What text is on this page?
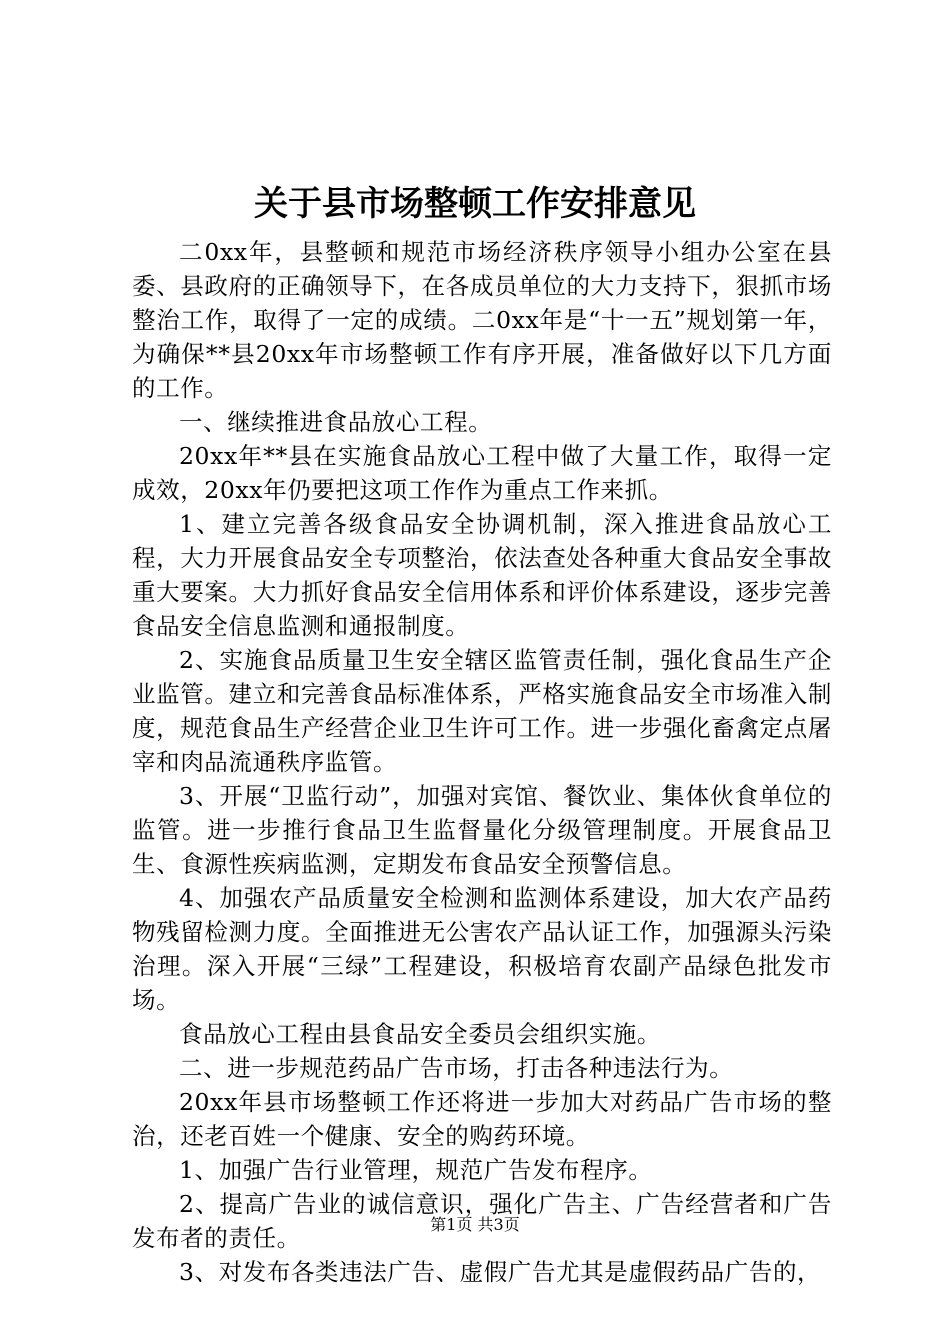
关于县市场整顿工作安排意见

二0xx年，县整顿和规范市场经济秩序领导小组办公室在县委、县政府的正确领导下，在各成员单位的大力支持下，狠抓市场整治工作，取得了一定的成绩。二0xx年是“十一五”规划第一年，为确保**县20xx年市场整顿工作有序开展，准备做好以下几方面的工作。

一、继续推进食品放心工程。

20xx年**县在实施食品放心工程中做了大量工作，取得一定成效，20xx年仍要把这项工作作为重点工作来抓。

1、建立完善各级食品安全协调机制，深入推进食品放心工程，大力开展食品安全专项整治，依法查处各种重大食品安全事故重大要案。大力抓好食品安全信用体系和评价体系建设，逐步完善食品安全信息监测和通报制度。

2、实施食品质量卫生安全辖区监管责任制，强化食品生产企业监管。建立和完善食品标准体系，严格实施食品安全市场准入制度，规范食品生产经营企业卫生许可工作。进一步强化畜禽定点屠宰和肉品流通秩序监管。

3、开展“卫监行动”，加强对宾馆、餐饮业、集体伙食单位的监管。进一步推行食品卫生监督量化分级管理制度。开展食品卫生、食源性疾病监测，定期发布食品安全预警信息。

4、加强农产品质量安全检测和监测体系建设，加大农产品药物残留检测力度。全面推进无公害农产品认证工作，加强源头污染治理。深入开展“三绿”工程建设，积极培育农副产品绿色批发市场。

食品放心工程由县食品安全委员会组织实施。

二、进一步规范药品广告市场，打击各种违法行为。

20xx年县市场整顿工作还将进一步加大对药品广告市场的整治，还老百姓一个健康、安全的购药环境。

1、加强广告行业管理，规范广告发布程序。

2、提高广告业的诚信意识，强化广告主、广告经营者和广告发布者的责任。

3、对发布各类违法广告、虚假广告尤其是虚假药品广告的，

第1页 共3页
